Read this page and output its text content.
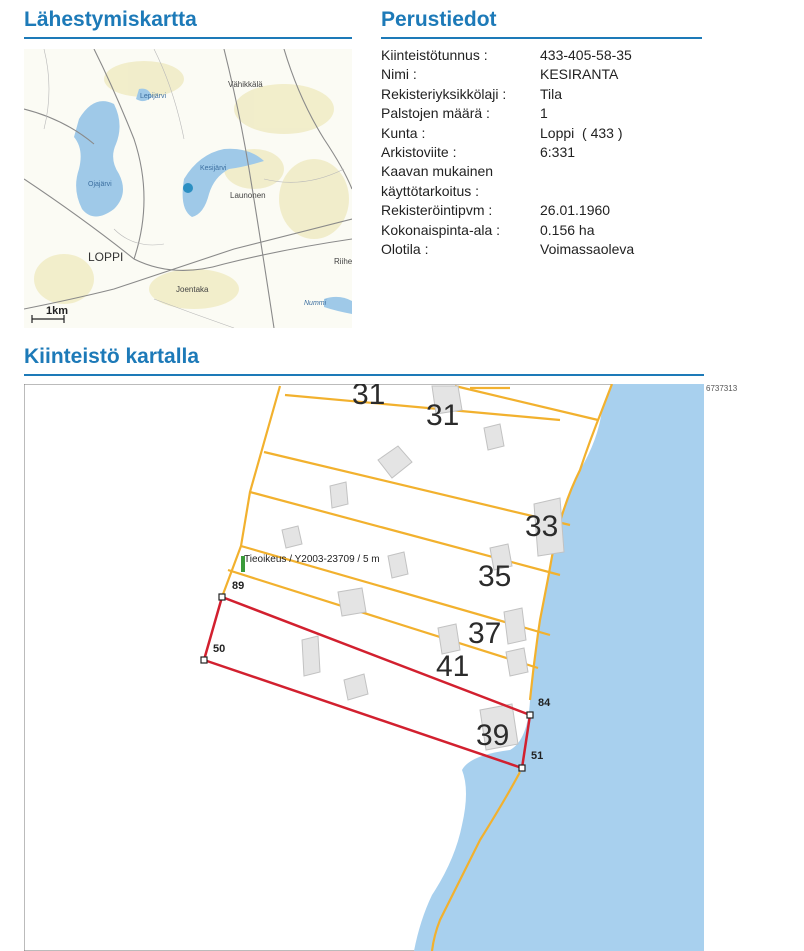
Lähestymiskartta
Lepijärvi
Kesijärvi
Ojajärvi
Nummi
Vähikkälä
Launonen
Joentaka
Riihe
LOPPI
1km
Perustiedot
Kiinteistötunnus :	433-405-58-35
Nimi :	KESIRANTA
Rekisteriyksikkölaji :	Tila
Palstojen määrä :	1
Kunta :	Loppi  ( 433 )
Arkistoviite :	6:331
Kaavan mukainen käyttötarkoitus :	
Rekisteröintipvm :	26.01.1960
Kokonaispinta-ala :	0.156 ha
Olotila :	Voimassaoleva
Kiinteistö kartalla
6737313
31
31
33
35
37
41
39
Tieoikeus / Y2003-23709 / 5 m
89
50
84
51
